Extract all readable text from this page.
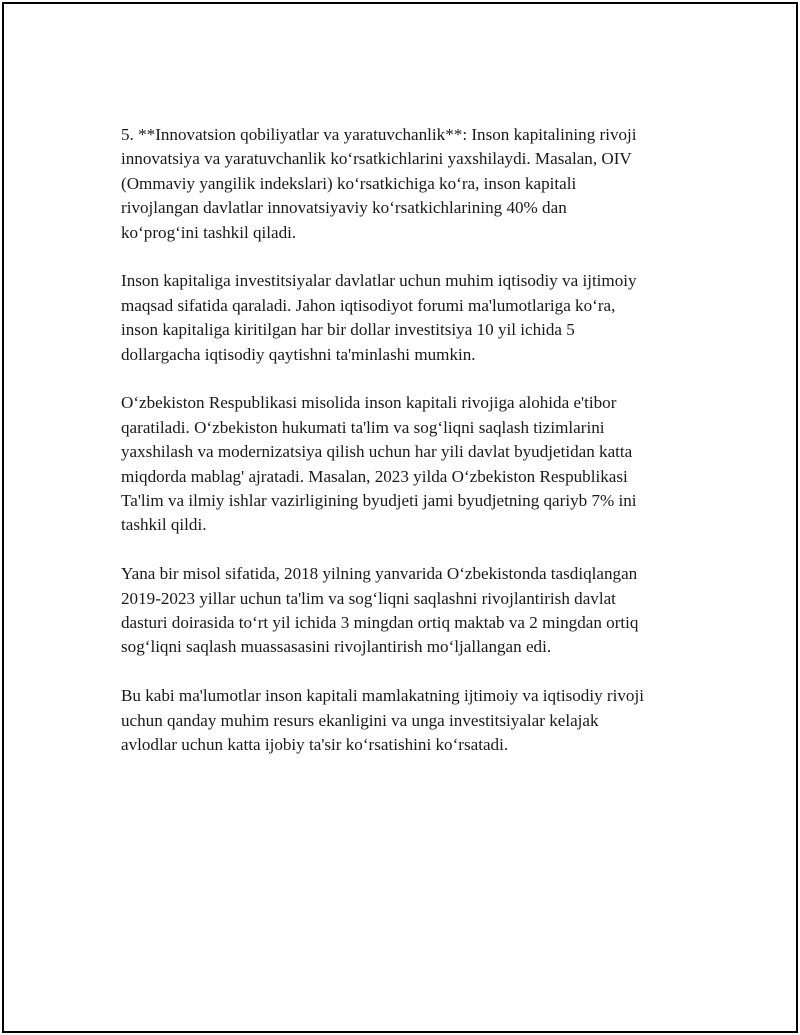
5. **Innovatsion qobiliyatlar va yaratuvchanlik**: Inson kapitalining rivoji
innovatsiya va yaratuvchanlik koʻrsatkichlarini yaxshilaydi. Masalan, OIV
(Ommaviy yangilik indekslari) koʻrsatkichiga koʻra, inson kapitali
rivojlangan davlatlar innovatsiyaviy koʻrsatkichlarining 40% dan
koʻprogʻini tashkil qiladi.

Inson kapitaliga investitsiyalar davlatlar uchun muhim iqtisodiy va ijtimoiy
maqsad sifatida qaraladi. Jahon iqtisodiyot forumi ma'lumotlariga koʻra,
inson kapitaliga kiritilgan har bir dollar investitsiya 10 yil ichida 5
dollargacha iqtisodiy qaytishni ta'minlashi mumkin.

Oʻzbekiston Respublikasi misolida inson kapitali rivojiga alohida e'tibor
qaratiladi. Oʻzbekiston hukumati ta'lim va sogʻliqni saqlash tizimlarini
yaxshilash va modernizatsiya qilish uchun har yili davlat byudjetidan katta
miqdorda mablag' ajratadi. Masalan, 2023 yilda Oʻzbekiston Respublikasi
Ta'lim va ilmiy ishlar vazirligining byudjeti jami byudjetning qariyb 7% ini
tashkil qildi.

Yana bir misol sifatida, 2018 yilning yanvarida Oʻzbekistonda tasdiqlangan
2019-2023 yillar uchun ta'lim va sogʻliqni saqlashni rivojlantirish davlat
dasturi doirasida toʻrt yil ichida 3 mingdan ortiq maktab va 2 mingdan ortiq
sogʻliqni saqlash muassasasini rivojlantirish moʻljallangan edi.

Bu kabi ma'lumotlar inson kapitali mamlakatning ijtimoiy va iqtisodiy rivoji
uchun qanday muhim resurs ekanligini va unga investitsiyalar kelajak
avlodlar uchun katta ijobiy ta'sir koʻrsatishini koʻrsatadi.
